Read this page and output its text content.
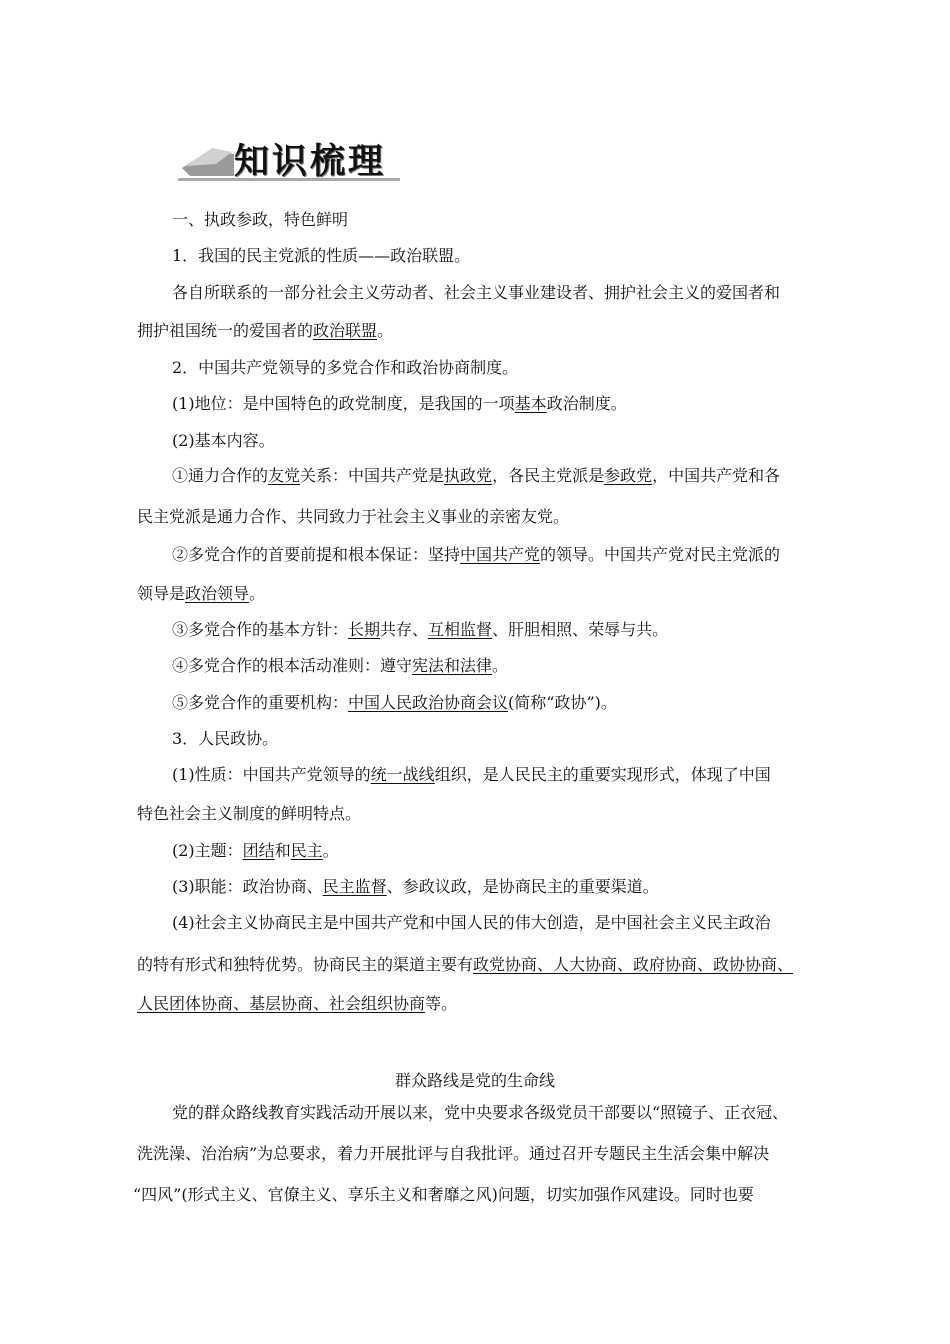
知识梳理
一、执政参政，特色鲜明
1．我国的民主党派的性质——政治联盟。
各自所联系的一部分社会主义劳动者、社会主义事业建设者、拥护社会主义的爱国者和
拥护祖国统一的爱国者的政治联盟。
2．中国共产党领导的多党合作和政治协商制度。
(1)地位：是中国特色的政党制度，是我国的一项基本政治制度。
(2)基本内容。
①通力合作的友党关系：中国共产党是执政党，各民主党派是参政党，中国共产党和各
民主党派是通力合作、共同致力于社会主义事业的亲密友党。
②多党合作的首要前提和根本保证：坚持中国共产党的领导。中国共产党对民主党派的
领导是政治领导。
③多党合作的基本方针：长期共存、互相监督、肝胆相照、荣辱与共。
④多党合作的根本活动准则：遵守宪法和法律。
⑤多党合作的重要机构：中国人民政治协商会议(简称“政协”)。
3．人民政协。
(1)性质：中国共产党领导的统一战线组织，是人民民主的重要实现形式，体现了中国
特色社会主义制度的鲜明特点。
(2)主题：团结和民主。
(3)职能：政治协商、民主监督、参政议政，是协商民主的重要渠道。
(4)社会主义协商民主是中国共产党和中国人民的伟大创造，是中国社会主义民主政治
的特有形式和独特优势。协商民主的渠道主要有政党协商、人大协商、政府协商、政协协商、
人民团体协商、基层协商、社会组织协商等。
党的群众路线教育实践活动开展以来，党中央要求各级党员干部要以“照镜子、正衣冠、
洗洗澡、治治病”为总要求，着力开展批评与自我批评。通过召开专题民主生活会集中解决
“四风”(形式主义、官僚主义、享乐主义和奢靡之风)问题，切实加强作风建设。同时也要
群众路线是党的生命线
